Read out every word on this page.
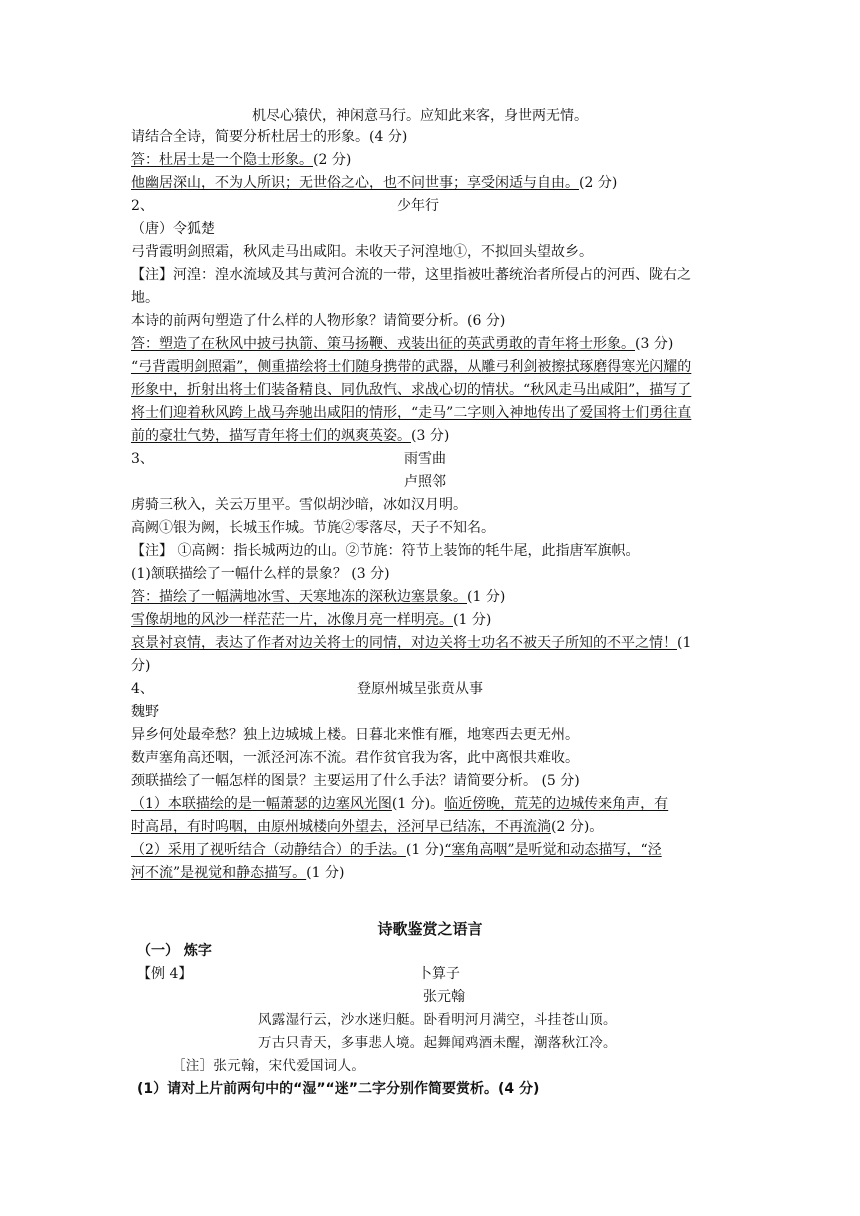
机尽心猿伏，神闲意马行。应知此来客，身世两无情。
请结合全诗，简要分析杜居士的形象。(4 分)
答：杜居士是一个隐士形象。(2 分)
他幽居深山，不为人所识；无世俗之心，也不问世事；享受闲适与自由。(2 分)
2、	少年行
（唐）令狐楚
弓背霞明剑照霜，秋风走马出咸阳。未收天子河湟地①，不拟回头望故乡。
【注】河湟：湟水流域及其与黄河合流的一带，这里指被吐蕃统治者所侵占的河西、陇右之
地。
本诗的前两句塑造了什么样的人物形象？请简要分析。(6 分)
答：塑造了在秋风中披弓执箭、策马扬鞭、戎装出征的英武勇敢的青年将士形象。(3 分)
“弓背霞明剑照霜”，侧重描绘将士们随身携带的武器，从雕弓利剑被擦拭琢磨得寒光闪耀的
形象中，折射出将士们装备精良、同仇敌忾、求战心切的情状。“秋风走马出咸阳”，描写了
将士们迎着秋风跨上战马奔驰出咸阳的情形，“走马”二字则入神地传出了爱国将士们勇往直
前的豪壮气势，描写青年将士们的飒爽英姿。(3 分)
3、	雨雪曲
卢照邻
虏骑三秋入，关云万里平。雪似胡沙暗，冰如汉月明。
高阙①银为阙，长城玉作城。节旄②零落尽，天子不知名。
【注】 ①高阙：指长城两边的山。②节旄：符节上装饰的牦牛尾，此指唐军旗帜。
(1)颔联描绘了一幅什么样的景象？ (3 分)
答：描绘了一幅满地冰雪、天寒地冻的深秋边塞景象。(1 分)
雪像胡地的风沙一样茫茫一片，冰像月亮一样明亮。(1 分)
哀景衬哀情，表达了作者对边关将士的同情，对边关将士功名不被天子所知的不平之情！(1
分)
4、	登原州城呈张贲从事
魏野
异乡何处最牵愁？独上边城城上楼。日暮北来惟有雁，地寒西去更无州。
数声塞角高还咽，一派泾河冻不流。君作贫官我为客，此中离恨共难收。
颈联描绘了一幅怎样的图景？主要运用了什么手法？请简要分析。 (5 分)
（1）本联描绘的是一幅萧瑟的边塞风光图(1 分)。临近傍晚，荒芜的边城传来角声，有
时高昂，有时呜咽，由原州城楼向外望去，泾河早已结冻，不再流淌(2 分)。
（2）采用了视听结合（动静结合）的手法。(1 分)“塞角高咽”是听觉和动态描写，“泾
河不流”是视觉和静态描写。(1 分)
诗歌鉴赏之语言
（一） 炼字
【例 4】	卜算子
张元翰
风露湿行云，沙水迷归艇。卧看明河月满空，斗挂苍山顶。
万古只青天，多事悲人境。起舞闻鸡酒未醒，潮落秋江冷。
［注］张元翰，宋代爱国词人。
(1）请对上片前两句中的“湿”“迷”二字分别作简要赏析。(4 分)
